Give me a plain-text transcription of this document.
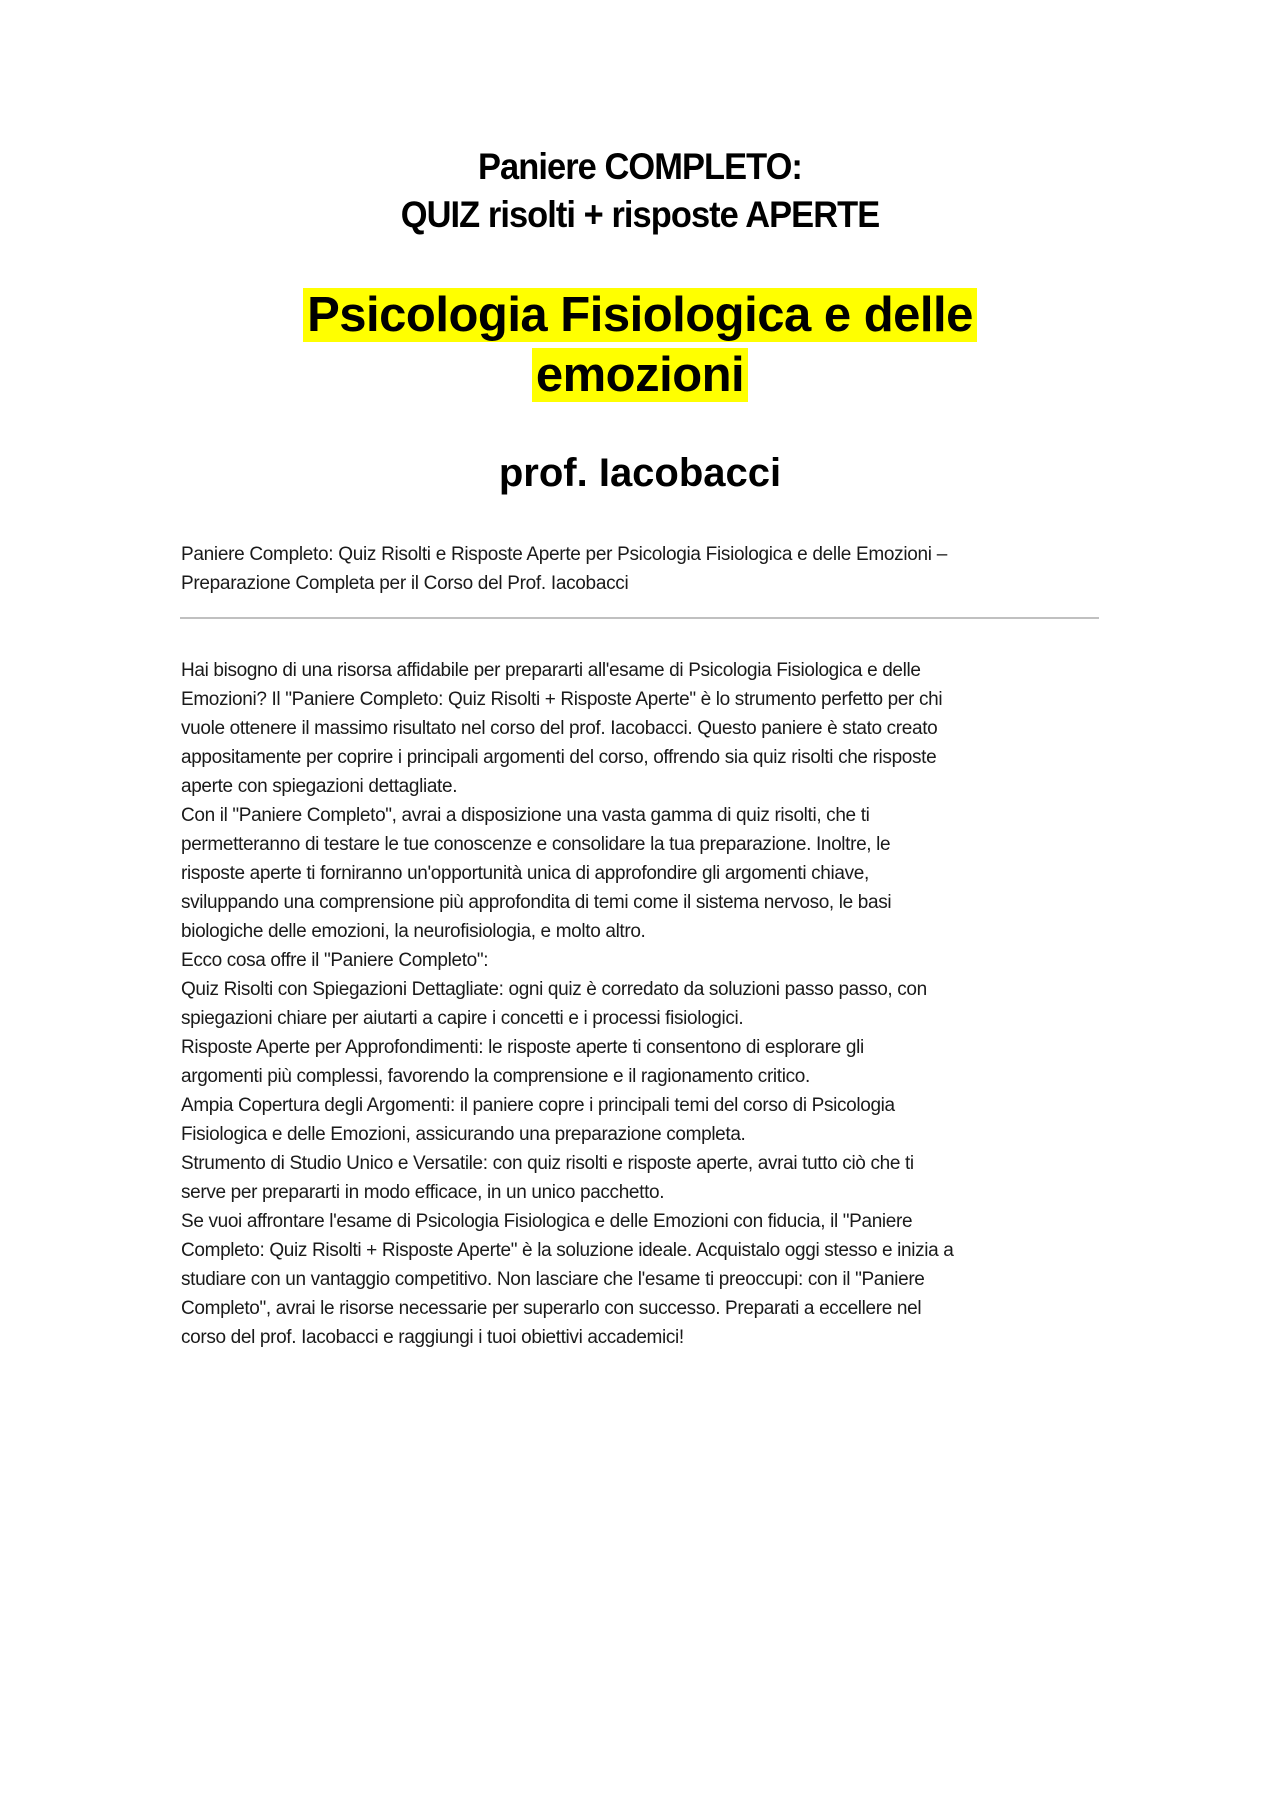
Paniere COMPLETO:
QUIZ risolti + risposte APERTE
Psicologia Fisiologica e delle
emozioni
prof. Iacobacci
Paniere Completo: Quiz Risolti e Risposte Aperte per Psicologia Fisiologica e delle Emozioni –
Preparazione Completa per il Corso del Prof. Iacobacci
Hai bisogno di una risorsa affidabile per prepararti all'esame di Psicologia Fisiologica e delle
Emozioni? Il "Paniere Completo: Quiz Risolti + Risposte Aperte" è lo strumento perfetto per chi
vuole ottenere il massimo risultato nel corso del prof. Iacobacci. Questo paniere è stato creato
appositamente per coprire i principali argomenti del corso, offrendo sia quiz risolti che risposte
aperte con spiegazioni dettagliate.
Con il "Paniere Completo", avrai a disposizione una vasta gamma di quiz risolti, che ti
permetteranno di testare le tue conoscenze e consolidare la tua preparazione. Inoltre, le
risposte aperte ti forniranno un'opportunità unica di approfondire gli argomenti chiave,
sviluppando una comprensione più approfondita di temi come il sistema nervoso, le basi
biologiche delle emozioni, la neurofisiologia, e molto altro.
Ecco cosa offre il "Paniere Completo":
Quiz Risolti con Spiegazioni Dettagliate: ogni quiz è corredato da soluzioni passo passo, con
spiegazioni chiare per aiutarti a capire i concetti e i processi fisiologici.
Risposte Aperte per Approfondimenti: le risposte aperte ti consentono di esplorare gli
argomenti più complessi, favorendo la comprensione e il ragionamento critico.
Ampia Copertura degli Argomenti: il paniere copre i principali temi del corso di Psicologia
Fisiologica e delle Emozioni, assicurando una preparazione completa.
Strumento di Studio Unico e Versatile: con quiz risolti e risposte aperte, avrai tutto ciò che ti
serve per prepararti in modo efficace, in un unico pacchetto.
Se vuoi affrontare l'esame di Psicologia Fisiologica e delle Emozioni con fiducia, il "Paniere
Completo: Quiz Risolti + Risposte Aperte" è la soluzione ideale. Acquistalo oggi stesso e inizia a
studiare con un vantaggio competitivo. Non lasciare che l'esame ti preoccupi: con il "Paniere
Completo", avrai le risorse necessarie per superarlo con successo. Preparati a eccellere nel
corso del prof. Iacobacci e raggiungi i tuoi obiettivi accademici!
